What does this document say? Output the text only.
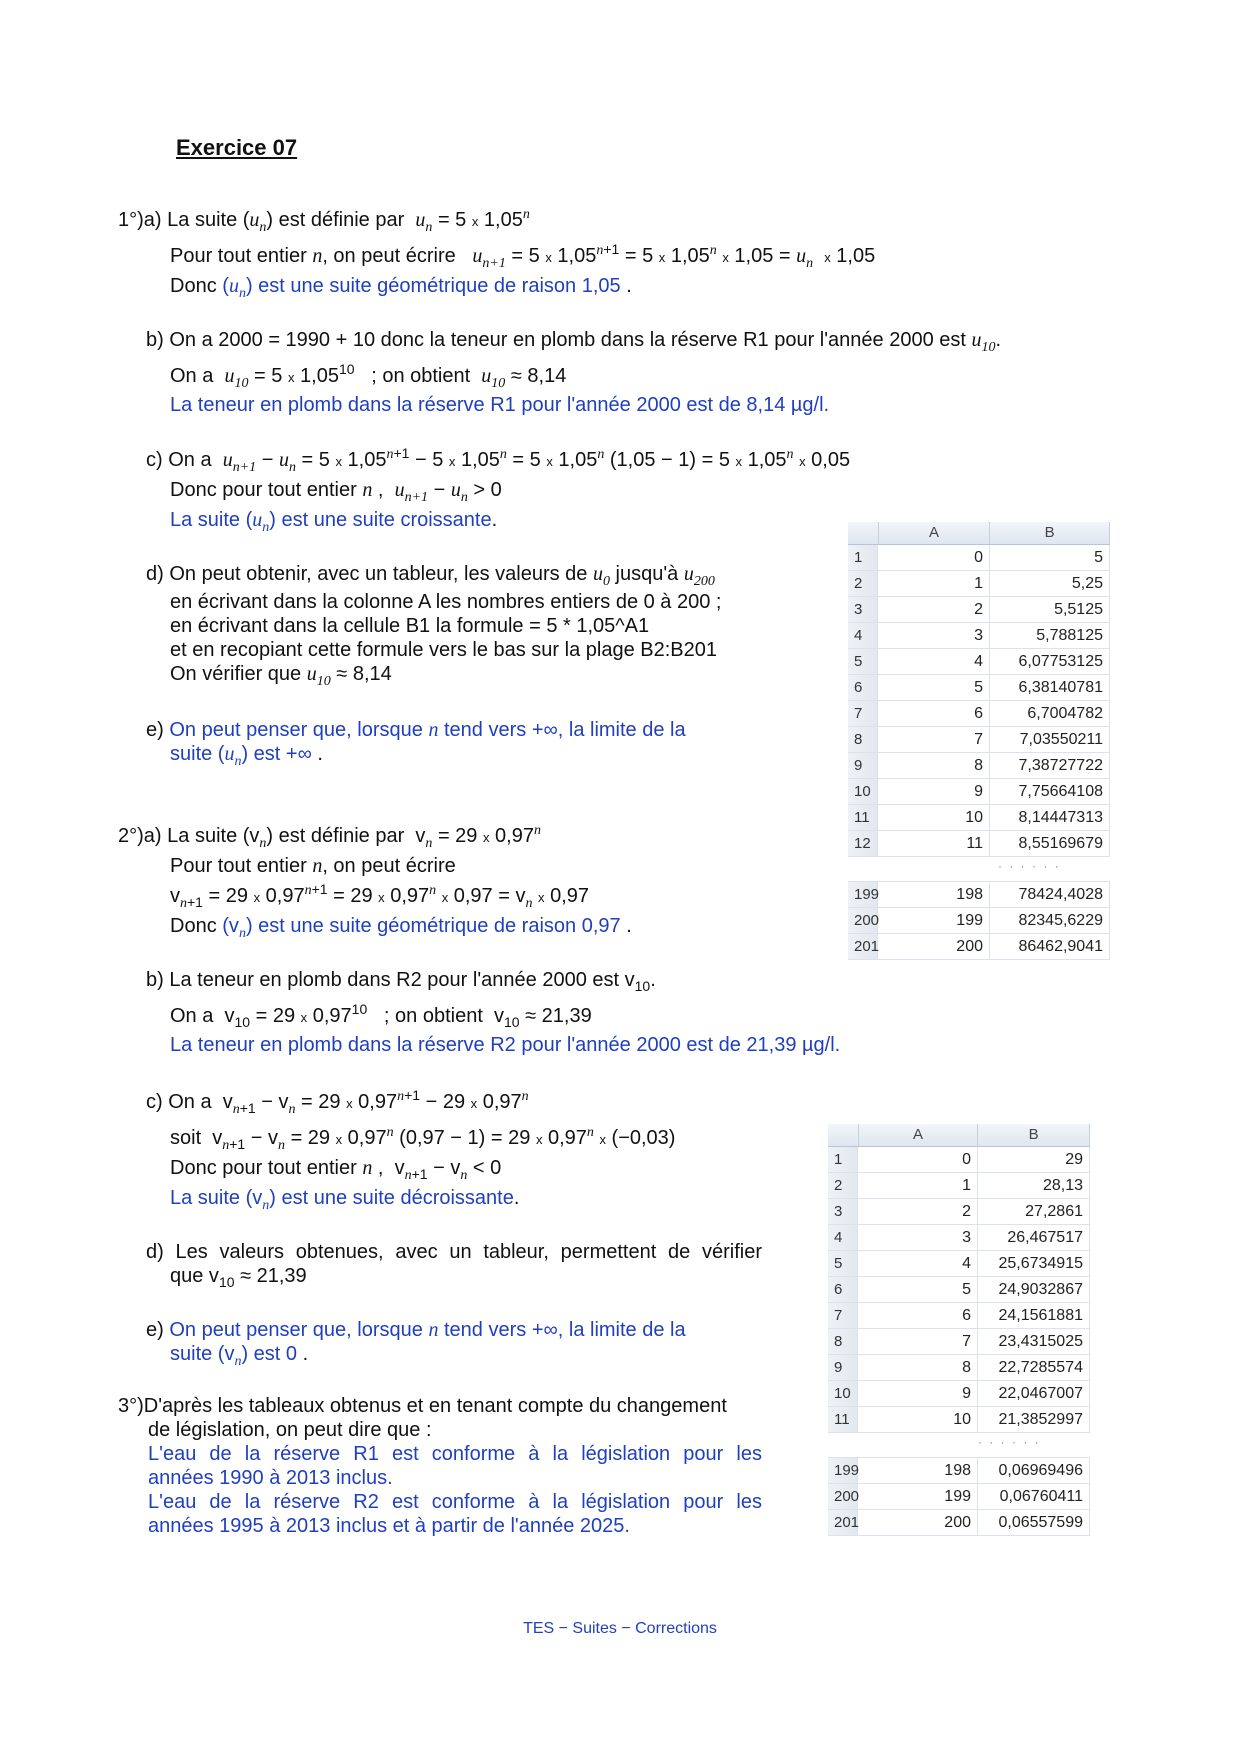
Exercice 07
1°)a) La suite $(u_n)$ est définie par $u_n = 5$ x 1,05$^n$
Pour tout entier n, on peut écrire $u_{n+1} = 5$ x $1,05^{n+1} = 5$ x 1,05$^n$ x $1,05 = u_n$ x 1,05
Donc $(u_n)$ est une suite géométrique de raison 1,05 .
b) On a 2000 = 1990 + 10 donc la teneur en plomb dans la réserve R1 pour l'année 2000 est $u_{10}$.
On a $u_{10} = 5$ x 1,05$^{10}$ ; on obtient $u_{10} \approx 8,14$
La teneur en plomb dans la réserve R1 pour l'année 2000 est de 8,14 µg/l.
c) On a $u_{n+1} - u_n = 5$ x $1,05^{n+1} - 5$ x $1,05^n = 5$ x 1,05$^n$ (1,05 − 1) = 5 x 1,05$^n$ x 0,05
Donc pour tout entier n ,  $u_{n+1} - u_n > 0$
La suite $(u_n)$ est une suite croissante.
d) On peut obtenir, avec un tableur, les valeurs de $u_0$ jusqu'à $u_{200}$
en écrivant dans la colonne A les nombres entiers de 0 à 200 ;
en écrivant dans la cellule B1 la formule = 5 * 1,05^A1
et en recopiant cette formule vers le bas sur la plage B2:B201
On vérifier que $u_{10} \approx 8,14$
e) On peut penser que, lorsque n tend vers +∞, la limite de la
suite $(u_n)$ est +∞ .
2°)a) La suite $(v_n)$ est définie par  $v_n = 29$ x 0,97$^n$
Pour tout entier n, on peut écrire
$v_{n+1} = 29$ x $0,97^{n+1} = 29$ x 0,97$^n$ x $0,97 = v_n$ x 0,97
Donc $(v_n)$ est une suite géométrique de raison 0,97 .
b) La teneur en plomb dans R2 pour l'année 2000 est $v_{10}$.
On a  $v_{10} = 29$ x 0,97$^{10}$ ; on obtient  $v_{10} \approx 21,39$
La teneur en plomb dans la réserve R2 pour l'année 2000 est de 21,39 µg/l.
c) On a  $v_{n+1} - v_n = 29$ x $0,97^{n+1} - 29$ x 0,97$^n$
soit  $v_{n+1} - v_n = 29$ x 0,97$^n$ (0,97 − 1) = 29 x 0,97$^n$ x (−0,03)
Donc pour tout entier n ,  $v_{n+1} - v_n < 0$
La suite $(v_n)$ est une suite décroissante.
d) Les valeurs obtenues, avec un tableur, permettent de vérifier
que $v_{10} \approx 21,39$
e) On peut penser que, lorsque n tend vers +∞, la limite de la
suite $(v_n)$ est 0 .
3°)D'après les tableaux obtenus et en tenant compte du changement
de législation, on peut dire que :
L'eau de la réserve R1 est conforme à la législation pour les
années 1990 à 2013 inclus.
L'eau de la réserve R2 est conforme à la législation pour les
années 1995 à 2013 inclus et à partir de l'année 2025.
A	B
1	0	5
2	1	5,25
3	2	5,5125
4	3	5,788125
5	4	6,07753125
6	5	6,38140781
7	6	6,7004782
8	7	7,03550211
9	8	7,38727722
10	9	7,75664108
11	10	8,14447313
12	11	8,55169679
· · · · · ·
199	198	78424,4028
200	199	82345,6229
201	200	86462,9041
A	B
1	0	29
2	1	28,13
3	2	27,2861
4	3	26,467517
5	4	25,6734915
6	5	24,9032867
7	6	24,1561881
8	7	23,4315025
9	8	22,7285574
10	9	22,0467007
11	10	21,3852997
· · · · · ·
199	198	0,06969496
200	199	0,06760411
201	200	0,06557599
TES − Suites − Corrections
